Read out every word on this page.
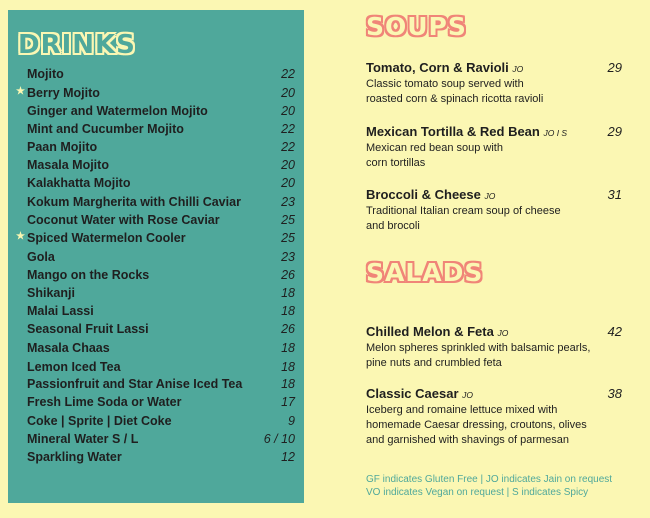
DRINKS
Mojito	22
★ Berry Mojito	20
Ginger and Watermelon Mojito	20
Mint and Cucumber Mojito	22
Paan Mojito	22
Masala Mojito	20
Kalakhatta Mojito	20
Kokum Margherita with Chilli Caviar	23
Coconut Water with Rose Caviar	25
★ Spiced Watermelon Cooler	25
Gola	23
Mango on the Rocks	26
Shikanji	18
Malai Lassi	18
Seasonal Fruit Lassi	26
Masala Chaas	18
Lemon Iced Tea	18
Passionfruit and Star Anise Iced Tea	18
Fresh Lime Soda or Water	17
Coke | Sprite | Diet Coke	9
Mineral Water S / L	6 / 10
Sparkling Water	12
SOUPS
Tomato, Corn & Ravioli JO	29
Classic tomato soup served with
roasted corn & spinach ricotta ravioli
Mexican Tortilla & Red Bean JO I S	29
Mexican red bean soup with
corn tortillas
Broccoli & Cheese JO	31
Traditional Italian cream soup of cheese
and brocoli
SALADS
Chilled Melon & Feta JO	42
Melon spheres sprinkled with balsamic pearls,
pine nuts and crumbled feta
Classic Caesar JO	38
Iceberg and romaine lettuce mixed with
homemade Caesar dressing, croutons, olives
and garnished with shavings of parmesan
GF indicates Gluten Free | JO indicates Jain on request
VO indicates Vegan on request | S indicates Spicy
